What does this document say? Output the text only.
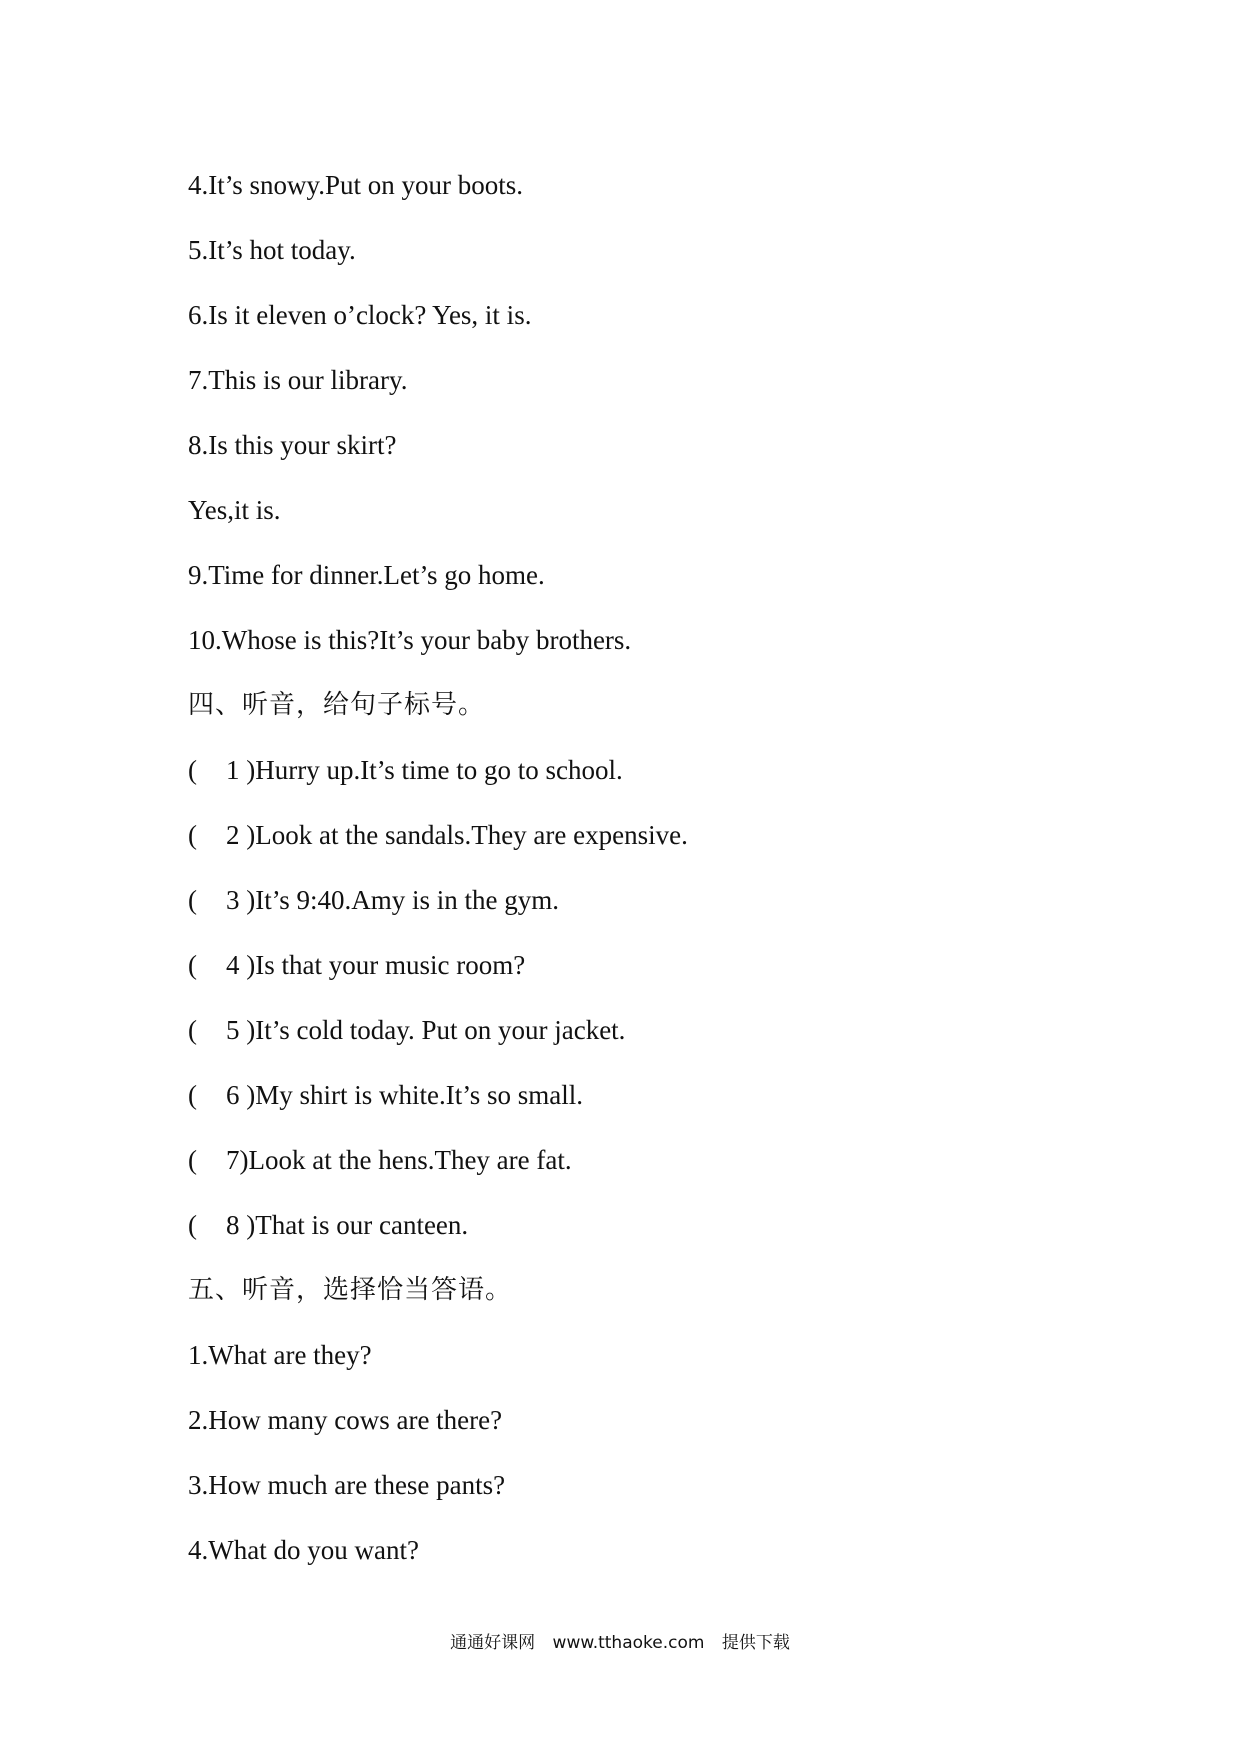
4.It’s snowy.Put on your boots.
5.It’s hot today.
6.Is it eleven o’clock? Yes, it is.
7.This is our library.
8.Is this your skirt?
Yes,it is.
9.Time for dinner.Let’s go home.
10.Whose is this?It’s your baby brothers.
四、听音，给句子标号。
(	1 ) Hurry up.It’s time to go to school.
(	2 ) Look at the sandals.They are expensive.
(	3 ) It’s 9:40.Amy is in the gym.
(	4 ) Is that your music room?
(	5 ) It’s cold today. Put on your jacket.
(	6 ) My shirt is white.It’s so small.
(	7) Look at the hens.They are fat.
(	8 ) That is our canteen.
五、听音，选择恰当答语。
1.What are they?
2.How many cows are there?
3.How much are these pants?
4.What do you want?
通通好课网 www.tthaoke.com 提供下载
